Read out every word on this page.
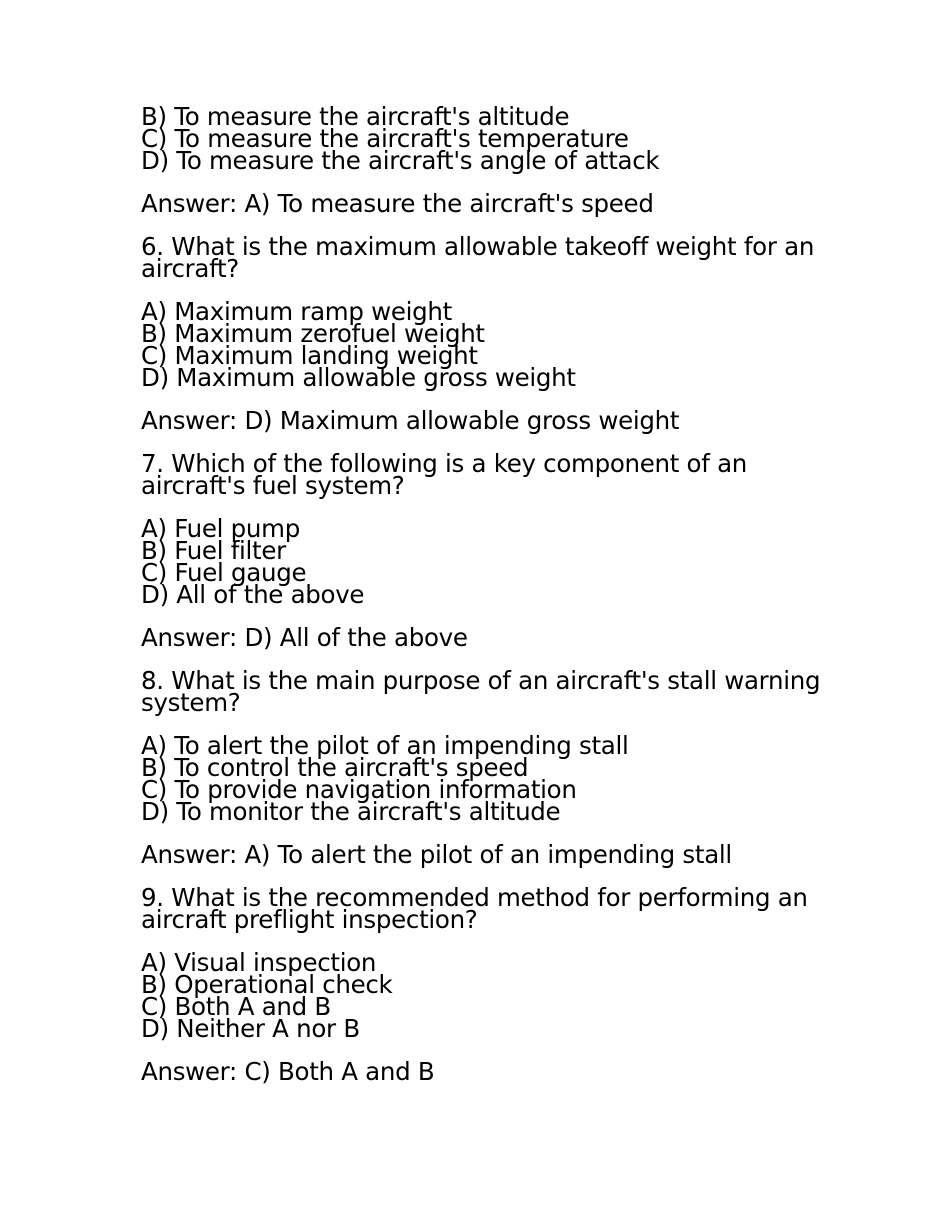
B) To measure the aircraft's altitude
C) To measure the aircraft's temperature
D) To measure the aircraft's angle of attack
Answer: A) To measure the aircraft's speed
6. What is the maximum allowable takeoff weight for an
aircraft?
A) Maximum ramp weight
B) Maximum zerofuel weight
C) Maximum landing weight
D) Maximum allowable gross weight
Answer: D) Maximum allowable gross weight
7. Which of the following is a key component of an
aircraft's fuel system?
A) Fuel pump
B) Fuel filter
C) Fuel gauge
D) All of the above
Answer: D) All of the above
8. What is the main purpose of an aircraft's stall warning
system?
A) To alert the pilot of an impending stall
B) To control the aircraft's speed
C) To provide navigation information
D) To monitor the aircraft's altitude
Answer: A) To alert the pilot of an impending stall
9. What is the recommended method for performing an
aircraft preflight inspection?
A) Visual inspection
B) Operational check
C) Both A and B
D) Neither A nor B
Answer: C) Both A and B
